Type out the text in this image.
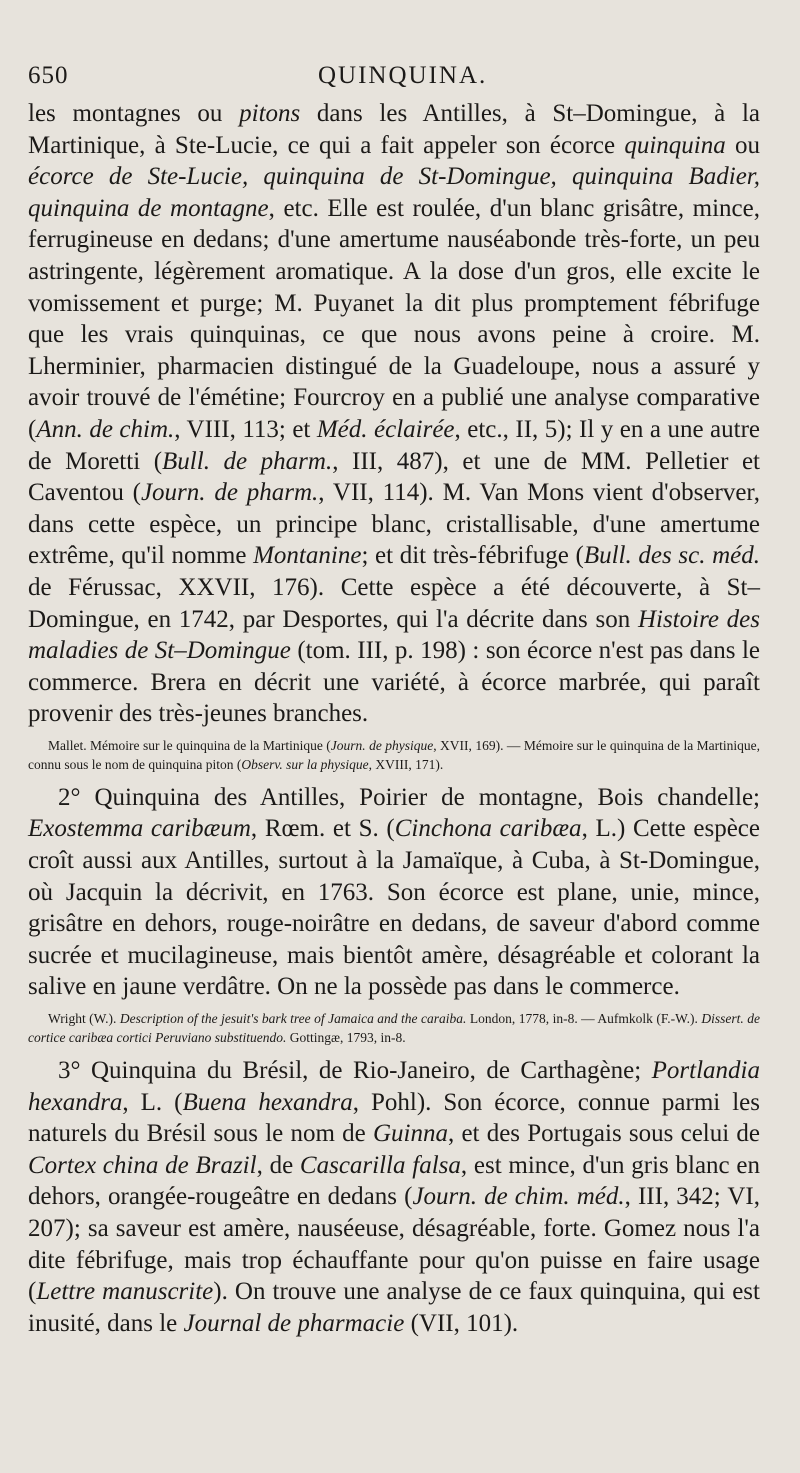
650	QUINQUINA.

les montagnes ou pitons dans les Antilles, à St–Domingue, à la Martinique, à Ste-Lucie, ce qui a fait appeler son écorce quinquina ou écorce de Ste-Lucie, quinquina de St-Domingue, quinquina Badier, quinquina de montagne, etc. Elle est roulée, d'un blanc grisâtre, mince, ferrugineuse en dedans; d'une amertume nauséabonde très-forte, un peu astringente, légèrement aromatique. A la dose d'un gros, elle excite le vomissement et purge; M. Puyanet la dit plus promptement fébrifuge que les vrais quinquinas, ce que nous avons peine à croire. M. Lherminier, pharmacien distingué de la Guadeloupe, nous a assuré y avoir trouvé de l'émétine; Fourcroy en a publié une analyse comparative (Ann. de chim., VIII, 113; et Méd. éclairée, etc., II, 5); Il y en a une autre de Moretti (Bull. de pharm., III, 487), et une de MM. Pelletier et Caventou (Journ. de pharm., VII, 114). M. Van Mons vient d'observer, dans cette espèce, un principe blanc, cristallisable, d'une amertume extrême, qu'il nomme Montanine; et dit très-fébrifuge (Bull. des sc. méd. de Férussac, XXVII, 176). Cette espèce a été découverte, à St–Domingue, en 1742, par Desportes, qui l'a décrite dans son Histoire des maladies de St–Domingue (tom. III, p. 198) : son écorce n'est pas dans le commerce. Brera en décrit une variété, à écorce marbrée, qui paraît provenir des très-jeunes branches.

Mallet. Mémoire sur le quinquina de la Martinique (Journ. de physique, XVII, 169). — Mémoire sur le quinquina de la Martinique, connu sous le nom de quinquina piton (Observ. sur la physique, XVIII, 171).

2° Quinquina des Antilles, Poirier de montagne, Bois chandelle; Exostemma caribæum, Rœm. et S. (Cinchona caribæa, L.) Cette espèce croît aussi aux Antilles, surtout à la Jamaïque, à Cuba, à St-Domingue, où Jacquin la décrivit, en 1763. Son écorce est plane, unie, mince, grisâtre en dehors, rouge-noirâtre en dedans, de saveur d'abord comme sucrée et mucilagineuse, mais bientôt amère, désagréable et colorant la salive en jaune verdâtre. On ne la possède pas dans le commerce.

Wright (W.). Description of the jesuit's bark tree of Jamaica and the caraiba. London, 1778, in-8. — Aufmkolk (F.-W.). Dissert. de cortice caribæa cortici Peruviano substituendo. Gottingæ, 1793, in-8.

3° Quinquina du Brésil, de Rio-Janeiro, de Carthagène; Portlandia hexandra, L. (Buena hexandra, Pohl). Son écorce, connue parmi les naturels du Brésil sous le nom de Guinna, et des Portugais sous celui de Cortex china de Brazil, de Cascarilla falsa, est mince, d'un gris blanc en dehors, orangée-rougeâtre en dedans (Journ. de chim. méd., III, 342; VI, 207); sa saveur est amère, nauséeuse, désagréable, forte. Gomez nous l'a dite fébrifuge, mais trop échauffante pour qu'on puisse en faire usage (Lettre manuscrite). On trouve une analyse de ce faux quinquina, qui est inusité, dans le Journal de pharmacie (VII, 101).
